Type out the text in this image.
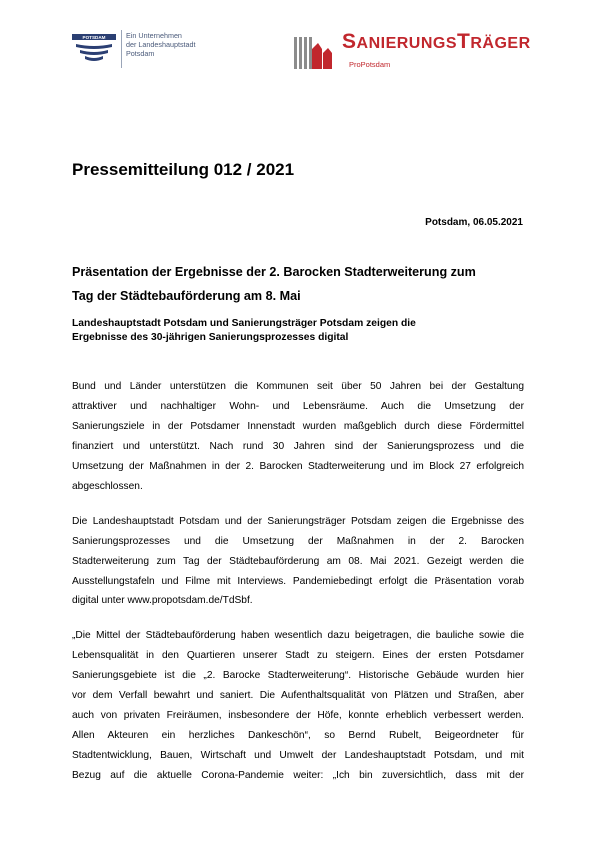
POTSDAM	Ein Unternehmen
der Landeshauptstadt
Potsdam
SANIERUNGSTRÄGER
ProPotsdam
Pressemitteilung 012 / 2021
Potsdam, 06.05.2021
Präsentation der Ergebnisse der 2. Barocken Stadterweiterung zum
Tag der Städtebauförderung am 8. Mai
Landeshauptstadt Potsdam und Sanierungsträger Potsdam zeigen die
Ergebnisse des 30-jährigen Sanierungsprozesses digital
Bund und Länder unterstützen die Kommunen seit über 50 Jahren bei der Gestaltung
attraktiver und nachhaltiger Wohn- und Lebensräume. Auch die Umsetzung der
Sanierungsziele in der Potsdamer Innenstadt wurden maßgeblich durch diese Fördermittel
finanziert und unterstützt. Nach rund 30 Jahren sind der Sanierungsprozess und die
Umsetzung der Maßnahmen in der 2. Barocken Stadterweiterung und im Block 27 erfolgreich
abgeschlossen.
Die Landeshauptstadt Potsdam und der Sanierungsträger Potsdam zeigen die Ergebnisse des
Sanierungsprozesses und die Umsetzung der Maßnahmen in der 2. Barocken
Stadterweiterung zum Tag der Städtebauförderung am 08. Mai 2021. Gezeigt werden die
Ausstellungstafeln und Filme mit Interviews. Pandemiebedingt erfolgt die Präsentation vorab
digital unter www.propotsdam.de/TdSbf.
„Die Mittel der Städtebauförderung haben wesentlich dazu beigetragen, die bauliche sowie die
Lebensqualität in den Quartieren unserer Stadt zu steigern. Eines der ersten Potsdamer
Sanierungsgebiete ist die „2. Barocke Stadterweiterung“. Historische Gebäude wurden hier
vor dem Verfall bewahrt und saniert. Die Aufenthaltsqualität von Plätzen und Straßen, aber
auch von privaten Freiräumen, insbesondere der Höfe, konnte erheblich verbessert werden.
Allen Akteuren ein herzliches Dankeschön“, so Bernd Rubelt, Beigeordneter für
Stadtentwicklung, Bauen, Wirtschaft und Umwelt der Landeshauptstadt Potsdam, und mit
Bezug auf die aktuelle Corona-Pandemie weiter: „Ich bin zuversichtlich, dass mit der
